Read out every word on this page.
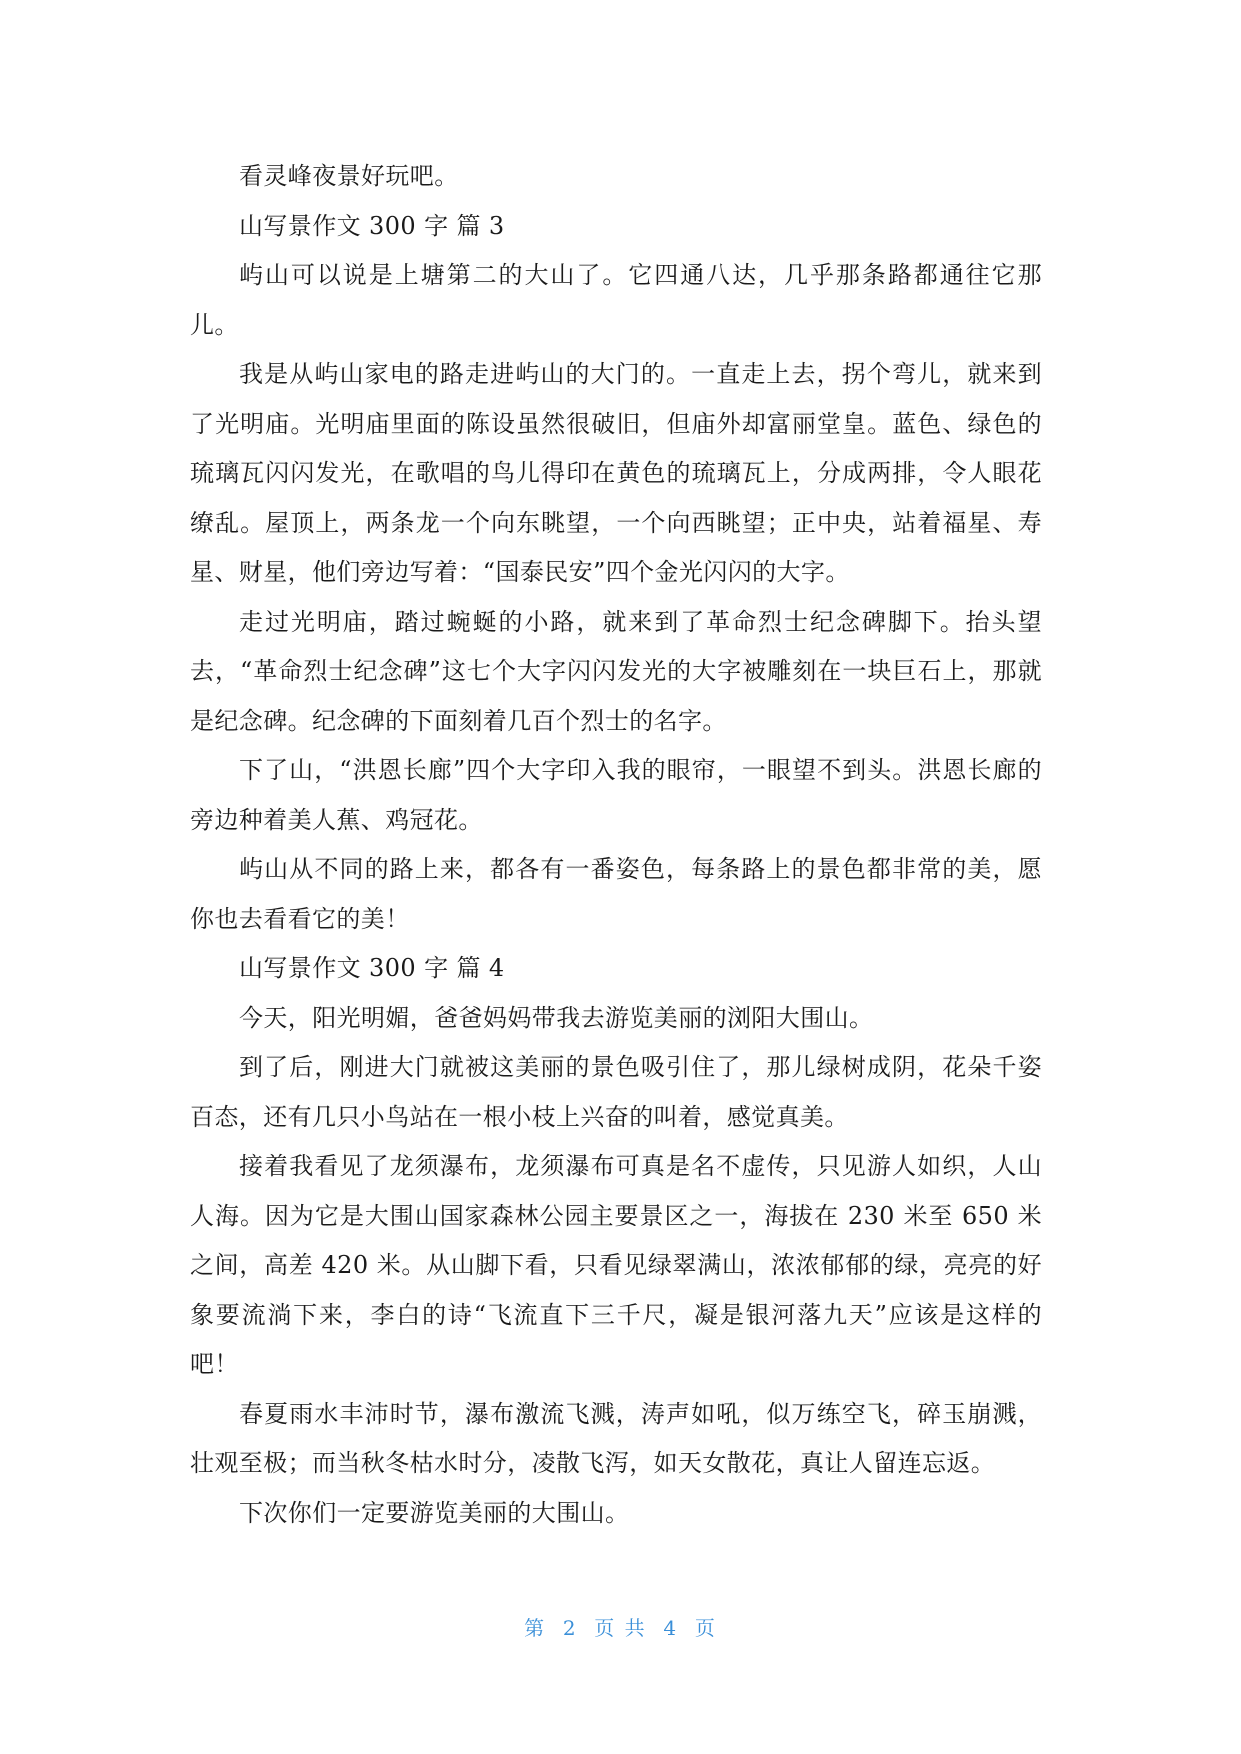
看灵峰夜景好玩吧。

山写景作文 300 字 篇 3

屿山可以说是上塘第二的大山了。它四通八达，几乎那条路都通往它那儿。

我是从屿山家电的路走进屿山的大门的。一直走上去，拐个弯儿，就来到了光明庙。光明庙里面的陈设虽然很破旧，但庙外却富丽堂皇。蓝色、绿色的琉璃瓦闪闪发光，在歌唱的鸟儿得印在黄色的琉璃瓦上，分成两排，令人眼花缭乱。屋顶上，两条龙一个向东眺望，一个向西眺望；正中央，站着福星、寿星、财星，他们旁边写着：“国泰民安”四个金光闪闪的大字。

走过光明庙，踏过蜿蜒的小路，就来到了革命烈士纪念碑脚下。抬头望去，“革命烈士纪念碑”这七个大字闪闪发光的大字被雕刻在一块巨石上，那就是纪念碑。纪念碑的下面刻着几百个烈士的名字。

下了山，“洪恩长廊”四个大字印入我的眼帘，一眼望不到头。洪恩长廊的旁边种着美人蕉、鸡冠花。

屿山从不同的路上来，都各有一番姿色，每条路上的景色都非常的美，愿你也去看看它的美！

山写景作文 300 字 篇 4

今天，阳光明媚，爸爸妈妈带我去游览美丽的浏阳大围山。

到了后，刚进大门就被这美丽的景色吸引住了，那儿绿树成阴，花朵千姿百态，还有几只小鸟站在一根小枝上兴奋的叫着，感觉真美。

接着我看见了龙须瀑布，龙须瀑布可真是名不虚传，只见游人如织，人山人海。因为它是大围山国家森林公园主要景区之一，海拔在 230 米至 650 米之间，高差 420 米。从山脚下看，只看见绿翠满山，浓浓郁郁的绿，亮亮的好象要流淌下来，李白的诗“飞流直下三千尺，凝是银河落九天”应该是这样的吧！

春夏雨水丰沛时节，瀑布激流飞溅，涛声如吼，似万练空飞，碎玉崩溅，壮观至极；而当秋冬枯水时分，凌散飞泻，如天女散花，真让人留连忘返。

下次你们一定要游览美丽的大围山。

第  2  页 共  4  页
